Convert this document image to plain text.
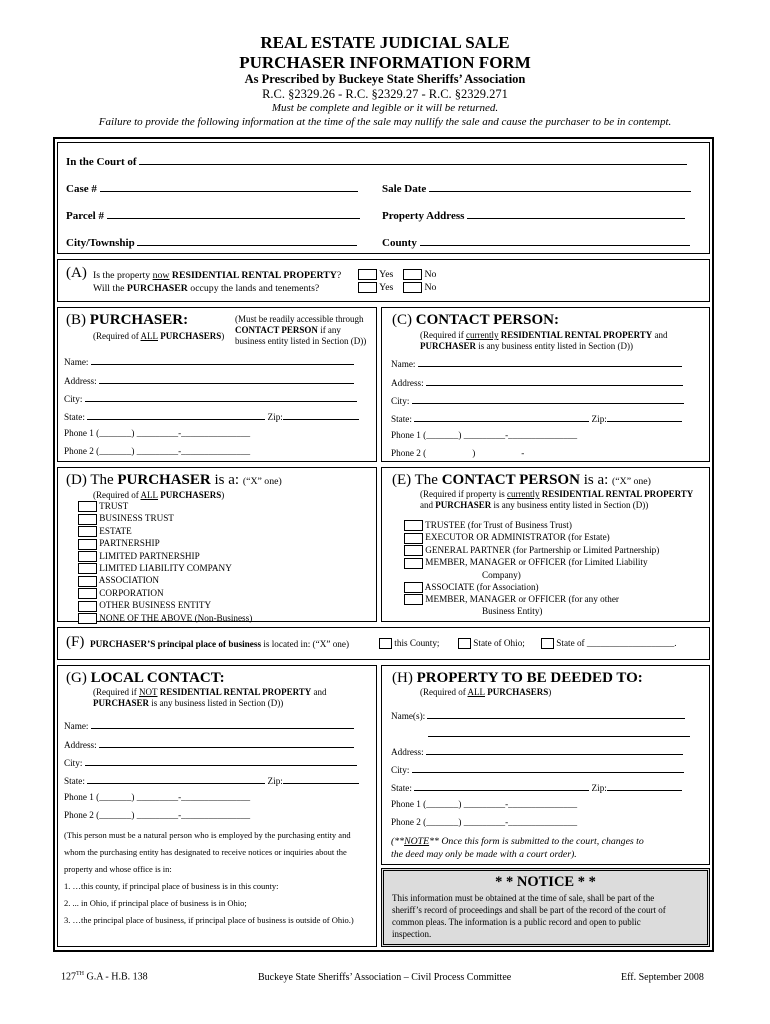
REAL ESTATE JUDICIAL SALE
PURCHASER INFORMATION FORM
As Prescribed by Buckeye State Sheriffs’ Association
R.C. §2329.26 - R.C. §2329.27 - R.C. §2329.271
Must be complete and legible or it will be returned.
Failure to provide the following information at the time of the sale may nullify the sale and cause the purchaser to be in contempt.
In the Court of
Case #	Sale Date
Parcel #	Property Address
City/Township	County
(A) Is the property now RESIDENTIAL RENTAL PROPERTY?
Will the PURCHASER occupy the lands and tenements?
Yes	No
Yes	No
(B) PURCHASER:
(Required of ALL PURCHASERS)
(Must be readily accessible through
CONTACT PERSON if any
business entity listed in Section (D))
Name:
Address:
City:
State:	Zip:
Phone 1 (_______) _________-_______________
Phone 2 (_______) _________-_______________
(C) CONTACT PERSON:
(Required if currently RESIDENTIAL RENTAL PROPERTY and
PURCHASER is any business entity listed in Section (D))
Name:
Address:
City:
State:	Zip:
Phone 1 (_______) _________-_______________
Phone 2 (	)	-
(D) The PURCHASER is a: (“X” one)
(Required of ALL PURCHASERS)
TRUST
BUSINESS TRUST
ESTATE
PARTNERSHIP
LIMITED PARTNERSHIP
LIMITED LIABILITY COMPANY
ASSOCIATION
CORPORATION
OTHER BUSINESS ENTITY
NONE OF THE ABOVE (Non-Business)
(E) The CONTACT PERSON is a: (“X” one)
(Required if property is currently RESIDENTIAL RENTAL PROPERTY
and PURCHASER is any business entity listed in Section (D))
TRUSTEE (for Trust of Business Trust)
EXECUTOR OR ADMINISTRATOR (for Estate)
GENERAL PARTNER (for Partnership or Limited Partnership)
MEMBER, MANAGER or OFFICER (for Limited Liability
Company)
ASSOCIATE (for Association)
MEMBER, MANAGER or OFFICER (for any other
Business Entity)
(F) PURCHASER’S principal place of business is located in: (“X” one)	this County;	State of Ohio;	State of ___________________.
(G) LOCAL CONTACT:
(Required if NOT RESIDENTIAL RENTAL PROPERTY and
PURCHASER is any business listed in Section (D))
Name:
Address:
City:
State:	Zip:
Phone 1 (_______) _________-_______________
Phone 2 (_______) _________-_______________
(This person must be a natural person who is employed by the purchasing entity and
whom the purchasing entity has designated to receive notices or inquiries about the
property and whose office is in:
1. …this county, if principal place of business is in this county:
2. ... in Ohio, if principal place of business is in Ohio;
3. …the principal place of business, if principal place of business is outside of Ohio.)
(H) PROPERTY TO BE DEEDED TO:
(Required of ALL PURCHASERS)
Name(s):
Address:
City:
State:	Zip:
Phone 1 (_______) _________-_______________
Phone 2 (_______) _________-_______________
(**NOTE** Once this form is submitted to the court, changes to
the deed may only be made with a court order).
* * NOTICE * *
This information must be obtained at the time of sale, shall be part of the
sheriff’s record of proceedings and shall be part of the record of the court of
common pleas. The information is a public record and open to public
inspection.
127TH G.A - H.B. 138	Buckeye State Sheriffs’ Association – Civil Process Committee	Eff. September 2008
